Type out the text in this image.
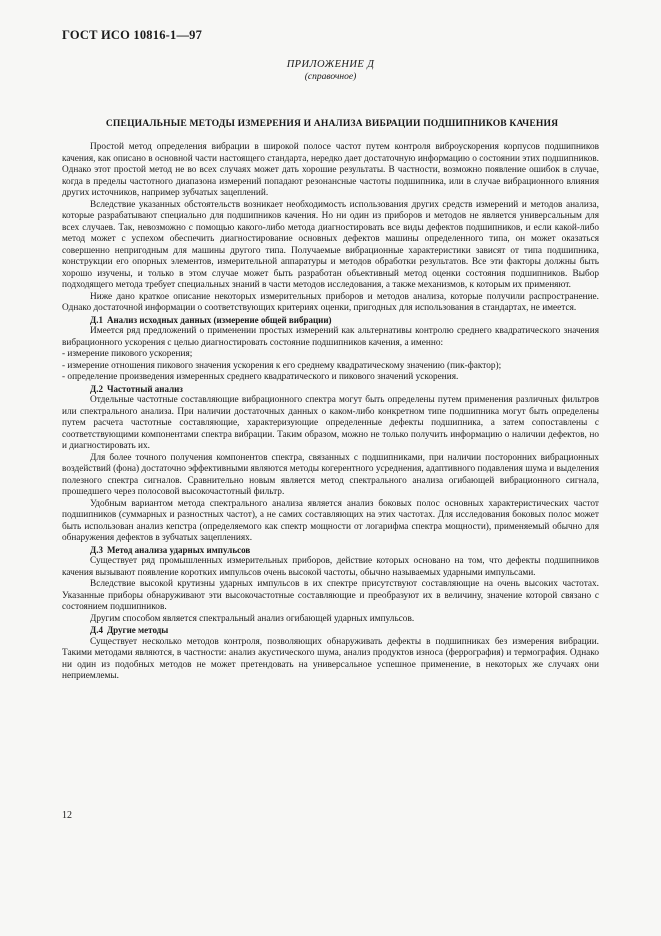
ГОСТ ИСО 10816-1—97
ПРИЛОЖЕНИЕ Д
(справочное)
СПЕЦИАЛЬНЫЕ МЕТОДЫ ИЗМЕРЕНИЯ И АНАЛИЗА ВИБРАЦИИ ПОДШИПНИКОВ КАЧЕНИЯ

Простой метод определения вибрации в широкой полосе частот путем контроля виброускорения корпусов подшипников качения, как описано в основной части настоящего стандарта, нередко дает достаточную информацию о состоянии этих подшипников. Однако этот простой метод не во всех случаях может дать хорошие результаты. В частности, возможно появление ошибок в случае, когда в пределы частотного диапазона измерений попадают резонансные частоты подшипника, или в случае вибрационного влияния других источников, например зубчатых зацеплений.

Вследствие указанных обстоятельств возникает необходимость использования других средств измерений и методов анализа, которые разрабатывают специально для подшипников качения. Но ни один из приборов и методов не является универсальным для всех случаев. Так, невозможно с помощью какого-либо метода диагностировать все виды дефектов подшипников, и если какой-либо метод может с успехом обеспечить диагностирование основных дефектов машины определенного типа, он может оказаться совершенно непригодным для машины другого типа. Получаемые вибрационные характеристики зависят от типа подшипника, конструкции его опорных элементов, измерительной аппаратуры и методов обработки результатов. Все эти факторы должны быть хорошо изучены, и только в этом случае может быть разработан объективный метод оценки состояния подшипников. Выбор подходящего метода требует специальных знаний в части методов исследования, а также механизмов, к которым их применяют.

Ниже дано краткое описание некоторых измерительных приборов и методов анализа, которые получили распространение. Однако достаточной информации о соответствующих критериях оценки, пригодных для использования в стандартах, не имеется.

Д.1 Анализ исходных данных (измерение общей вибрации)

Имеется ряд предложений о применении простых измерений как альтернативы контролю среднего квадратического значения вибрационного ускорения с целью диагностировать состояние подшипников качения, а именно:

- измерение пикового ускорения;

- измерение отношения пикового значения ускорения к его среднему квадратическому значению (пик-фактор);

- определение произведения измеренных среднего квадратического и пикового значений ускорения.

Д.2 Частотный анализ

Отдельные частотные составляющие вибрационного спектра могут быть определены путем применения различных фильтров или спектрального анализа. При наличии достаточных данных о каком-либо конкретном типе подшипника могут быть определены путем расчета частотные составляющие, характеризующие определенные дефекты подшипника, а затем сопоставлены с соответствующими компонентами спектра вибрации. Таким образом, можно не только получить информацию о наличии дефектов, но и диагностировать их.

Для более точного получения компонентов спектра, связанных с подшипниками, при наличии посторонних вибрационных воздействий (фона) достаточно эффективными являются методы когерентного усреднения, адаптивного подавления шума и выделения полезного спектра сигналов. Сравнительно новым является метод спектрального анализа огибающей вибрационного сигнала, прошедшего через полосовой высокочастотный фильтр.

Удобным вариантом метода спектрального анализа является анализ боковых полос основных характеристических частот подшипников (суммарных и разностных частот), а не самих составляющих на этих частотах. Для исследования боковых полос может быть использован анализ кепстра (определяемого как спектр мощности от логарифма спектра мощности), применяемый обычно для обнаружения дефектов в зубчатых зацеплениях.

Д.3 Метод анализа ударных импульсов

Существует ряд промышленных измерительных приборов, действие которых основано на том, что дефекты подшипников качения вызывают появление коротких импульсов очень высокой частоты, обычно называемых ударными импульсами.

Вследствие высокой крутизны ударных импульсов в их спектре присутствуют составляющие на очень высоких частотах. Указанные приборы обнаруживают эти высокочастотные составляющие и преобразуют их в величину, значение которой связано с состоянием подшипников.

Другим способом является спектральный анализ огибающей ударных импульсов.

Д.4 Другие методы

Существует несколько методов контроля, позволяющих обнаруживать дефекты в подшипниках без измерения вибрации. Такими методами являются, в частности: анализ акустического шума, анализ продуктов износа (феррография) и термография. Однако ни один из подобных методов не может претендовать на универсальное успешное применение, в некоторых же случаях они неприемлемы.

12
